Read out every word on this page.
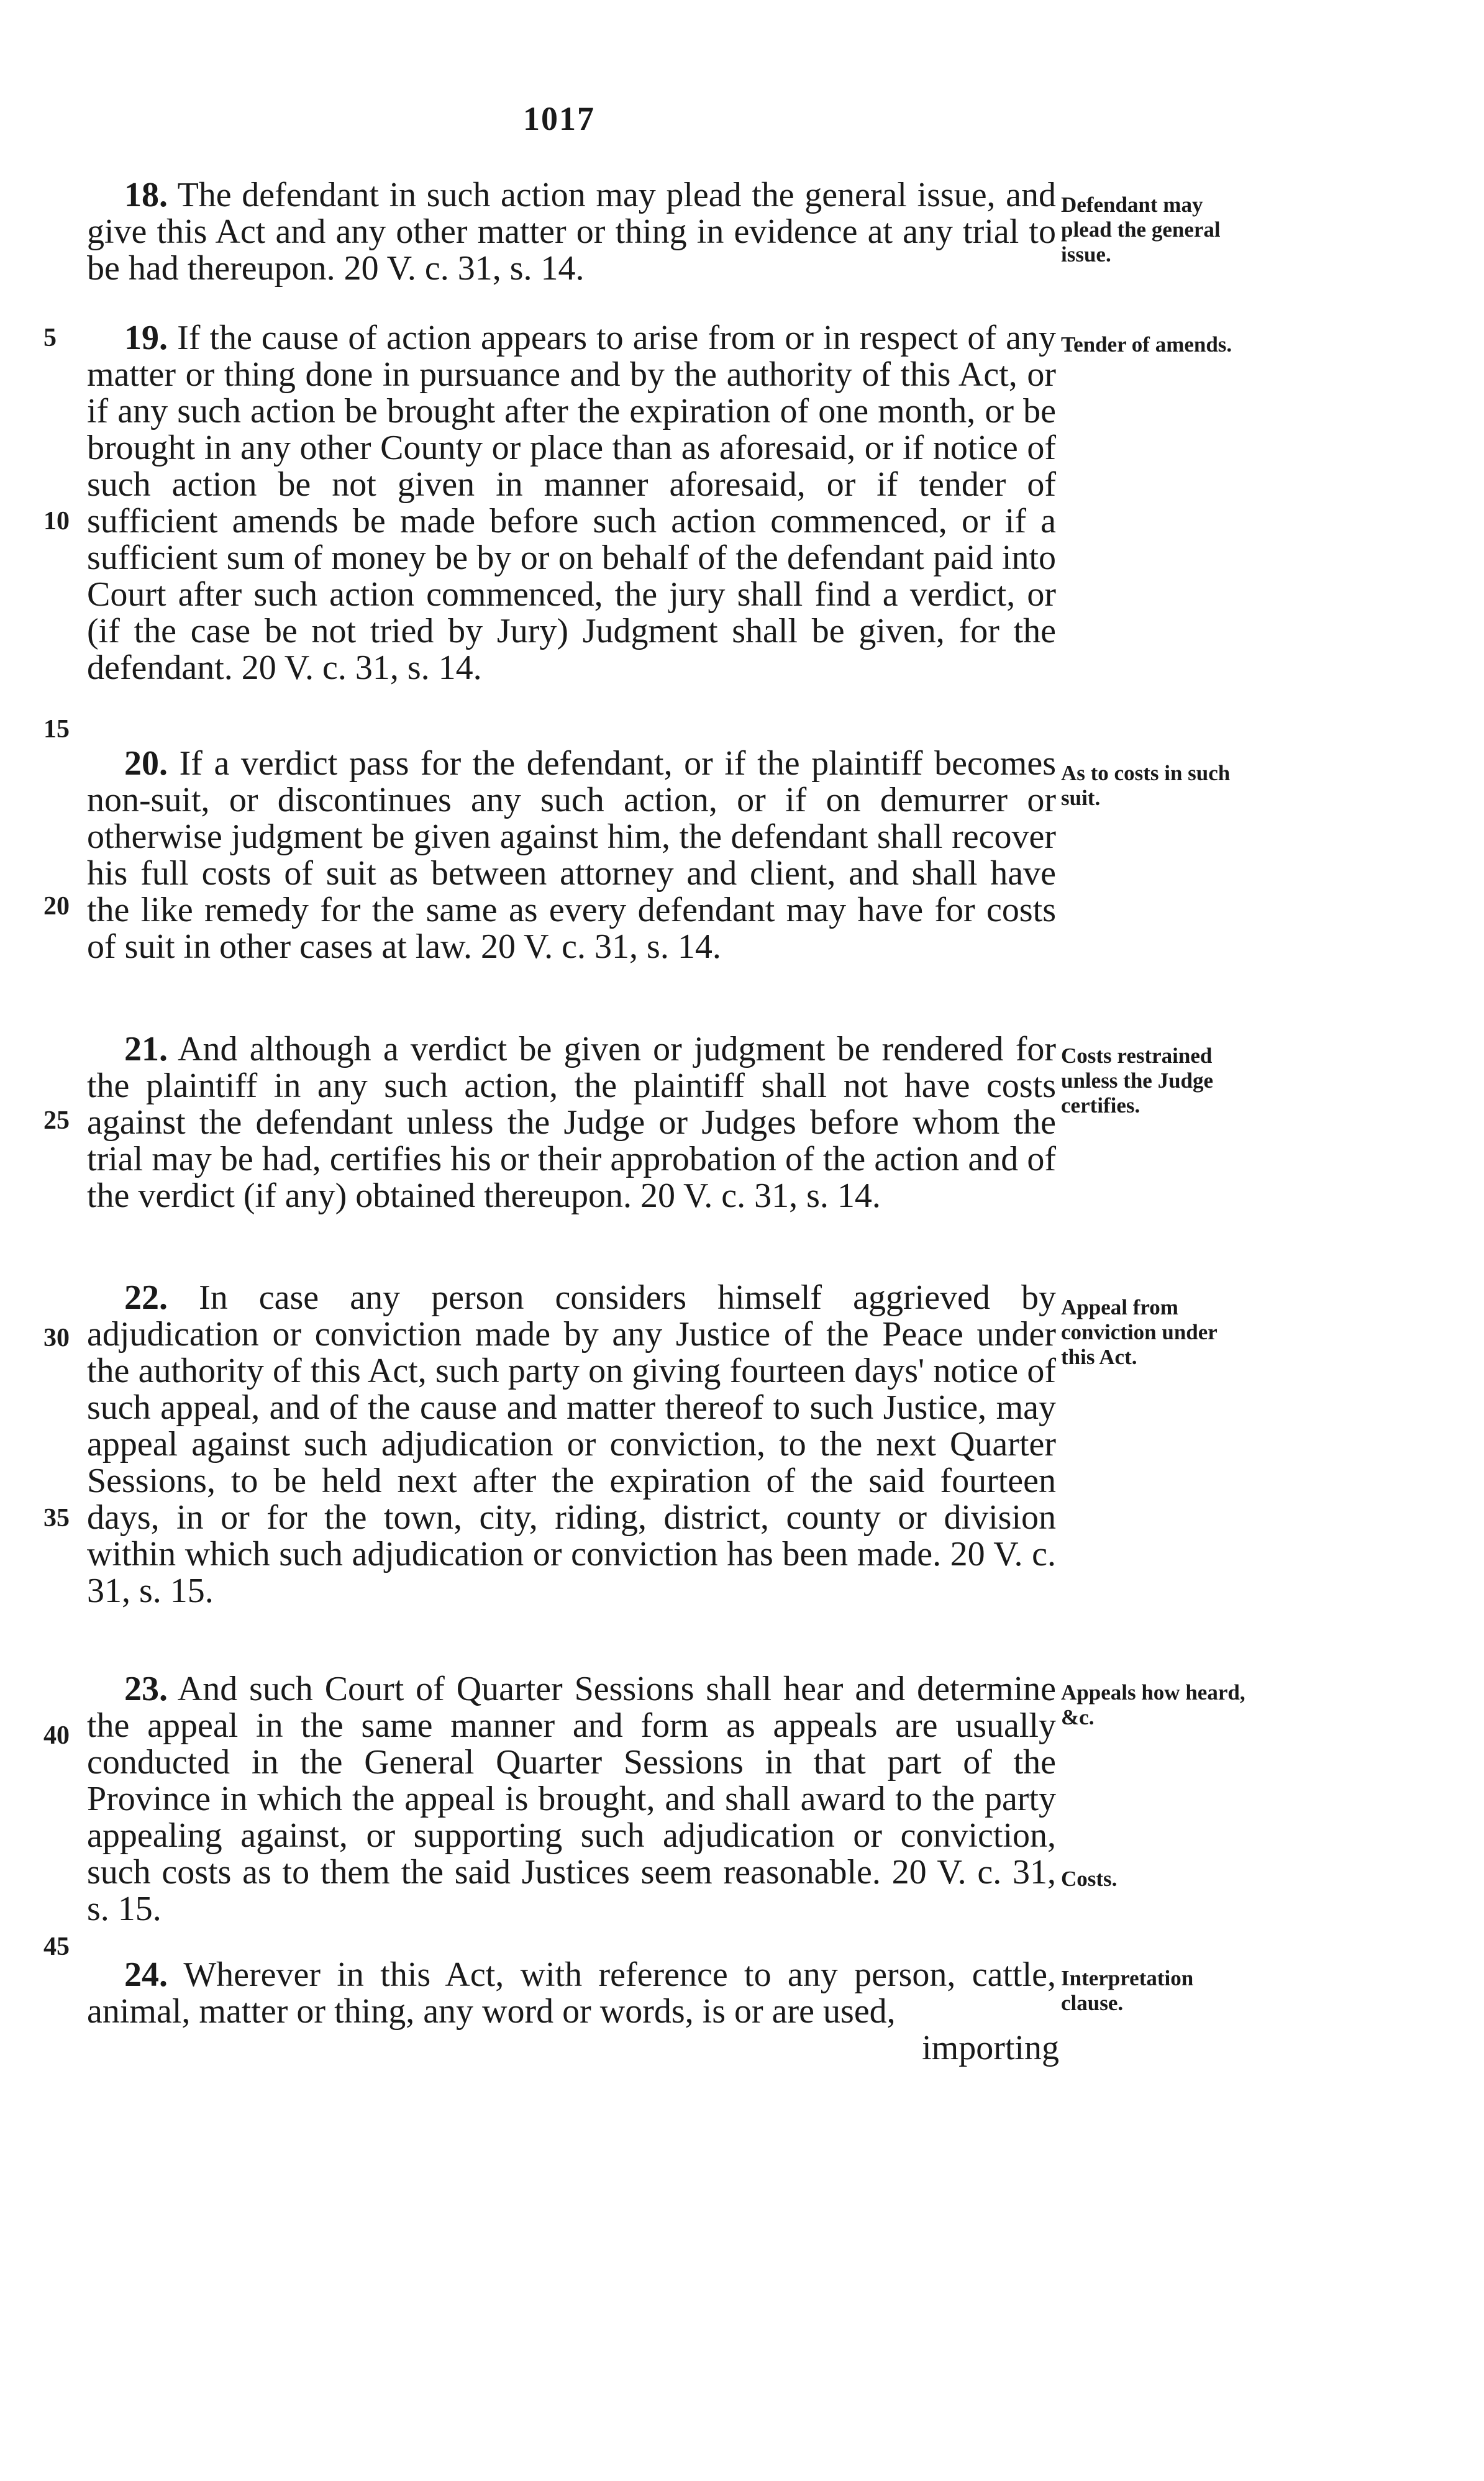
1017
5
10
15
20
25
30
35
40
45
18. The defendant in such action may plead the general issue, and give this Act and any other matter or thing in evidence at any trial to be had thereupon. 20 V. c. 31, s. 14.
Defendant may plead the general issue.
19. If the cause of action appears to arise from or in respect of any matter or thing done in pursuance and by the authority of this Act, or if any such action be brought after the expiration of one month, or be brought in any other County or place than as aforesaid, or if notice of such action be not given in manner aforesaid, or if tender of sufficient amends be made before such action commenced, or if a sufficient sum of money be by or on behalf of the defendant paid into Court after such action commenced, the jury shall find a verdict, or (if the case be not tried by Jury) Judgment shall be given, for the defendant. 20 V. c. 31, s. 14.
Tender of amends.
20. If a verdict pass for the defendant, or if the plaintiff becomes non-suit, or discontinues any such action, or if on demurrer or otherwise judgment be given against him, the defendant shall recover his full costs of suit as between attorney and client, and shall have the like remedy for the same as every defendant may have for costs of suit in other cases at law. 20 V. c. 31, s. 14.
As to costs in such suit.
21. And although a verdict be given or judgment be rendered for the plaintiff in any such action, the plaintiff shall not have costs against the defendant unless the Judge or Judges before whom the trial may be had, certifies his or their approbation of the action and of the verdict (if any) obtained thereupon. 20 V. c. 31, s. 14.
Costs restrained unless the Judge certifies.
22. In case any person considers himself aggrieved by adjudication or conviction made by any Justice of the Peace under the authority of this Act, such party on giving fourteen days' notice of such appeal, and of the cause and matter thereof to such Justice, may appeal against such adjudication or conviction, to the next Quarter Sessions, to be held next after the expiration of the said fourteen days, in or for the town, city, riding, district, county or division within which such adjudication or conviction has been made. 20 V. c. 31, s. 15.
Appeal from conviction under this Act.
23. And such Court of Quarter Sessions shall hear and determine the appeal in the same manner and form as appeals are usually conducted in the General Quarter Sessions in that part of the Province in which the appeal is brought, and shall award to the party appealing against, or supporting such adjudication or conviction, such costs as to them the said Justices seem reasonable. 20 V. c. 31, s. 15.
Appeals how heard, &c.
Costs.
24. Wherever in this Act, with reference to any person, cattle, animal, matter or thing, any word or words, is or are used,
Interpretation clause.
importing
